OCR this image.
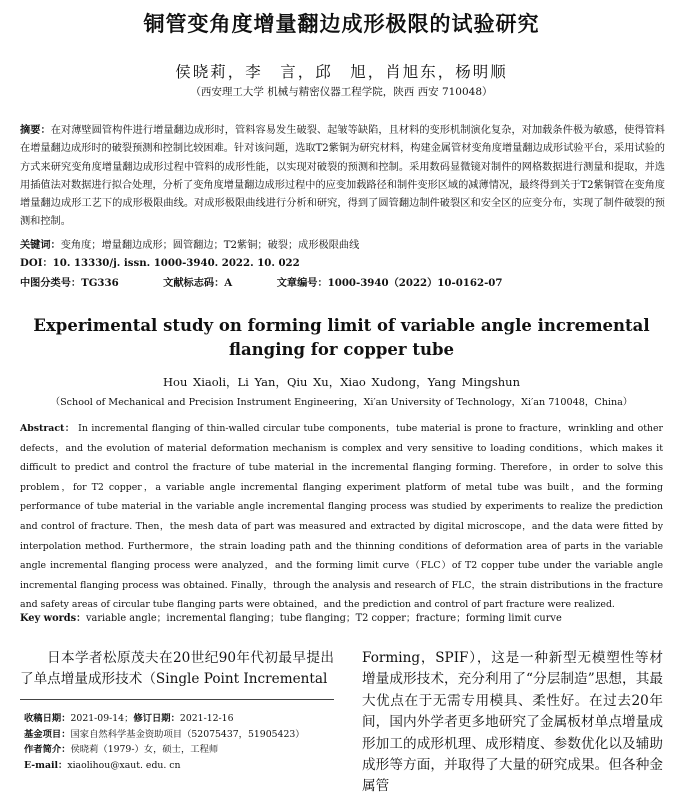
铜管变角度增量翻边成形极限的试验研究
侯晓莉，李　言，邱　旭，肖旭东，杨明顺
（西安理工大学 机械与精密仪器工程学院，陕西 西安 710048）
摘要：在对薄壁圆管构件进行增量翻边成形时，管料容易发生破裂、起皱等缺陷，且材料的变形机制演化复杂，对加载条件极为敏感，使得管料在增量翻边成形时的破裂预测和控制比较困难。针对该问题，选取T2紫铜为研究材料，构建金属管材变角度增量翻边成形试验平台，采用试验的方式来研究变角度增量翻边成形过程中管料的成形性能，以实现对破裂的预测和控制。采用数码显微镜对制件的网格数据进行测量和提取，并选用插值法对数据进行拟合处理，分析了变角度增量翻边成形过程中的应变加载路径和制件变形区域的减薄情况，最终得到关于T2紫铜管在变角度增量翻边成形工艺下的成形极限曲线。对成形极限曲线进行分析和研究，得到了圆管翻边制件破裂区和安全区的应变分布，实现了制件破裂的预测和控制。
关键词：变角度；增量翻边成形；圆管翻边；T2紫铜；破裂；成形极限曲线
DOI：10. 13330/j. issn. 1000-3940. 2022. 10. 022
中图分类号：TG336	文献标志码：A	文章编号：1000-3940（2022）10-0162-07
Experimental study on forming limit of variable angle incremental flanging for copper tube
Hou Xiaoli，Li Yan，Qiu Xu，Xiao Xudong，Yang Mingshun
（School of Mechanical and Precision Instrument Engineering，Xi′an University of Technology，Xi′an 710048，China）
Abstract： In incremental flanging of thin-walled circular tube components，tube material is prone to fracture，wrinkling and other defects，and the evolution of material deformation mechanism is complex and very sensitive to loading conditions，which makes it difficult to predict and control the fracture of tube material in the incremental flanging forming. Therefore，in order to solve this problem，for T2 copper，a variable angle incremental flanging experiment platform of metal tube was built，and the forming performance of tube material in the variable angle incremental flanging process was studied by experiments to realize the prediction and control of fracture. Then，the mesh data of part was measured and extracted by digital microscope，and the data were fitted by interpolation method. Furthermore，the strain loading path and the thinning conditions of deformation area of parts in the variable angle incremental flanging process were analyzed，and the forming limit curve（FLC）of T2 copper tube under the variable angle incremental flanging process was obtained. Finally，through the analysis and research of FLC，the strain distributions in the fracture and safety areas of circular tube flanging parts were obtained，and the prediction and control of part fracture were realized.
Key words：variable angle；incremental flanging；tube flanging；T2 copper；fracture；forming limit curve
日本学者松原茂夫在20世纪90年代初最早提出了单点增量成形技术（Single Point Incremental
收稿日期：2021-09-14；修订日期：2021-12-16
基金项目：国家自然科学基金资助项目（52075437，51905423）
作者简介：侯晓莉（1979-）女，硕士，工程师
E-mail：xiaolihou@xaut. edu. cn
Forming，SPIF），这是一种新型无模塑性等材增量成形技术，充分利用了“分层制造”思想，其最大优点在于无需专用模具、柔性好。在过去20年间，国内外学者更多地研究了金属板材单点增量成形加工的成形机理、成形精度、参数优化以及辅助成形等方面，并取得了大量的研究成果。但各种金属管
